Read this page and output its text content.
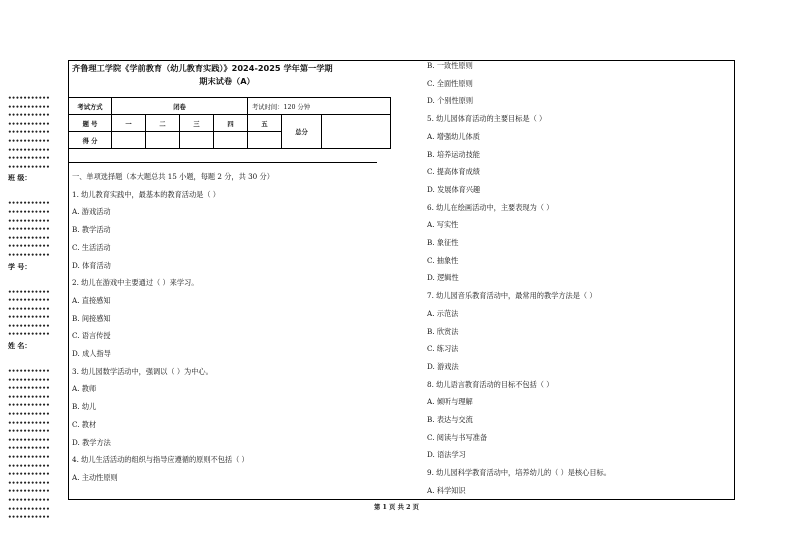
•••••••••••
•••••••••••
•••••••••••
•••••••••••
•••••••••••
•••••••••••
•••••••••••
•••••••••••
•••••••••••
班 级：
•••••••••••
•••••••••••
•••••••••••
•••••••••••
•••••••••••
•••••••••••
•••••••••••
学 号：
•••••••••••
•••••••••••
•••••••••••
•••••••••••
•••••••••••
•••••••••••
姓 名：
•••••••••••
•••••••••••
•••••••••••
•••••••••••
•••••••••••
•••••••••••
•••••••••••
•••••••••••
•••••••••••
•••••••••••
•••••••••••
•••••••••••
•••••••••••
•••••••••••
•••••••••••
•••••••••••
•••••••••••
•••••••••••
齐鲁理工学院《学前教育（幼儿教育实践）》2024-2025 学年第一学期
期末试卷（A）
考试方式	闭卷				考试时间：120 分钟		
题 号	一	二	三	四	五	总分	
得 分							
一、单项选择题（本大题总共 15 小题，每题 2 分，共 30 分）
1. 幼儿教育实践中，最基本的教育活动是（ ）
A. 游戏活动
B. 教学活动
C. 生活活动
D. 体育活动
2. 幼儿在游戏中主要通过（ ）来学习。
A. 直接感知
B. 间接感知
C. 语言传授
D. 成人指导
3. 幼儿园数学活动中，强调以（ ）为中心。
A. 教师
B. 幼儿
C. 教材
D. 教学方法
4. 幼儿生活活动的组织与指导应遵循的原则不包括（ ）
A. 主动性原则
B. 一致性原则
C. 全面性原则
D. 个别性原则
5. 幼儿园体育活动的主要目标是（ ）
A. 增强幼儿体质
B. 培养运动技能
C. 提高体育成绩
D. 发展体育兴趣
6. 幼儿在绘画活动中，主要表现为（ ）
A. 写实性
B. 象征性
C. 抽象性
D. 逻辑性
7. 幼儿园音乐教育活动中，最常用的教学方法是（ ）
A. 示范法
B. 欣赏法
C. 练习法
D. 游戏法
8. 幼儿语言教育活动的目标不包括（ ）
A. 倾听与理解
B. 表达与交流
C. 阅读与书写准备
D. 语法学习
9. 幼儿园科学教育活动中，培养幼儿的（ ）是核心目标。
A. 科学知识
第 1 页 共 2 页
